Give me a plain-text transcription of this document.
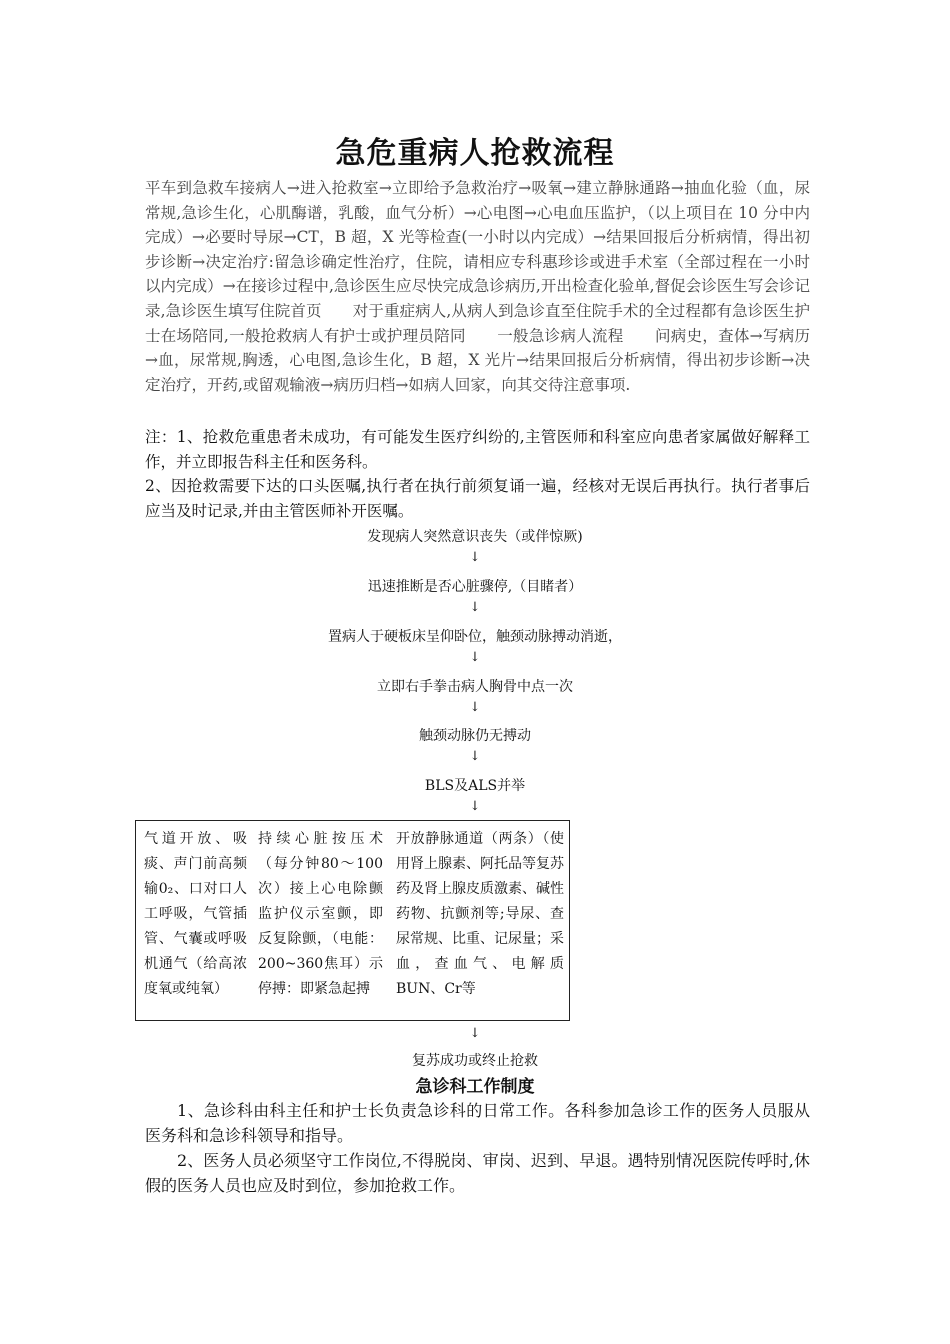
急危重病人抢救流程

平车到急救车接病人→进入抢救室→立即给予急救治疗→吸氧→建立静脉通路→抽血化验（血，尿常规,急诊生化，心肌酶谱，乳酸，血气分析）→心电图→心电血压监护，（以上项目在 10 分中内完成）→必要时导尿→CT，B 超，X 光等检查(一小时以内完成）→结果回报后分析病情，得出初步诊断→决定治疗:留急诊确定性治疗，住院，请相应专科惠珍诊或进手术室（全部过程在一小时以内完成）→在接诊过程中,急诊医生应尽快完成急诊病历,开出检查化验单,督促会诊医生写会诊记录,急诊医生填写住院首页　　对于重症病人,从病人到急诊直至住院手术的全过程都有急诊医生护士在场陪同,一般抢救病人有护士或护理员陪同　　一般急诊病人流程　　问病史，查体→写病历→血，尿常规,胸透，心电图,急诊生化，B 超，X 光片→结果回报后分析病情，得出初步诊断→决定治疗，开药,或留观输液→病历归档→如病人回家，向其交待注意事项.

注：1、抢救危重患者未成功，有可能发生医疗纠纷的,主管医师和科室应向患者家属做好解释工作，并立即报告科主任和医务科。

2、因抢救需要下达的口头医嘱,执行者在执行前须复诵一遍，经核对无误后再执行。执行者事后应当及时记录,并由主管医师补开医嘱。

发现病人突然意识丧失（或伴惊厥)
↓
迅速推断是否心脏骤停,（目睹者）
↓
置病人于硬板床呈仰卧位，触颈动脉搏动消逝，
↓
立即右手拳击病人胸骨中点一次
↓
触颈动脉仍无搏动
↓
BLS及ALS并举
↓

气道开放、吸痰、声门前高频输0₂、口对口人工呼吸，气管插管、气囊或呼吸机通气（给高浓度氧或纯氧）

持续心脏按压术（每分钟80～100次）接上心电除颤监护仪示室颤，即反复除颤，（电能：200~360焦耳）示停搏：即紧急起搏

开放静脉通道（两条）（使用肾上腺素、阿托品等复苏药及肾上腺皮质激素、碱性药物、抗颤剂等;导尿、查尿常规、比重、记尿量；采血，查血气、电解质BUN、Cr等

↓
复苏成功或终止抢救
急诊科工作制度

1、急诊科由科主任和护士长负责急诊科的日常工作。各科参加急诊工作的医务人员服从医务科和急诊科领导和指导。

2、医务人员必须坚守工作岗位,不得脱岗、审岗、迟到、早退。遇特别情况医院传呼时,休假的医务人员也应及时到位，参加抢救工作。
